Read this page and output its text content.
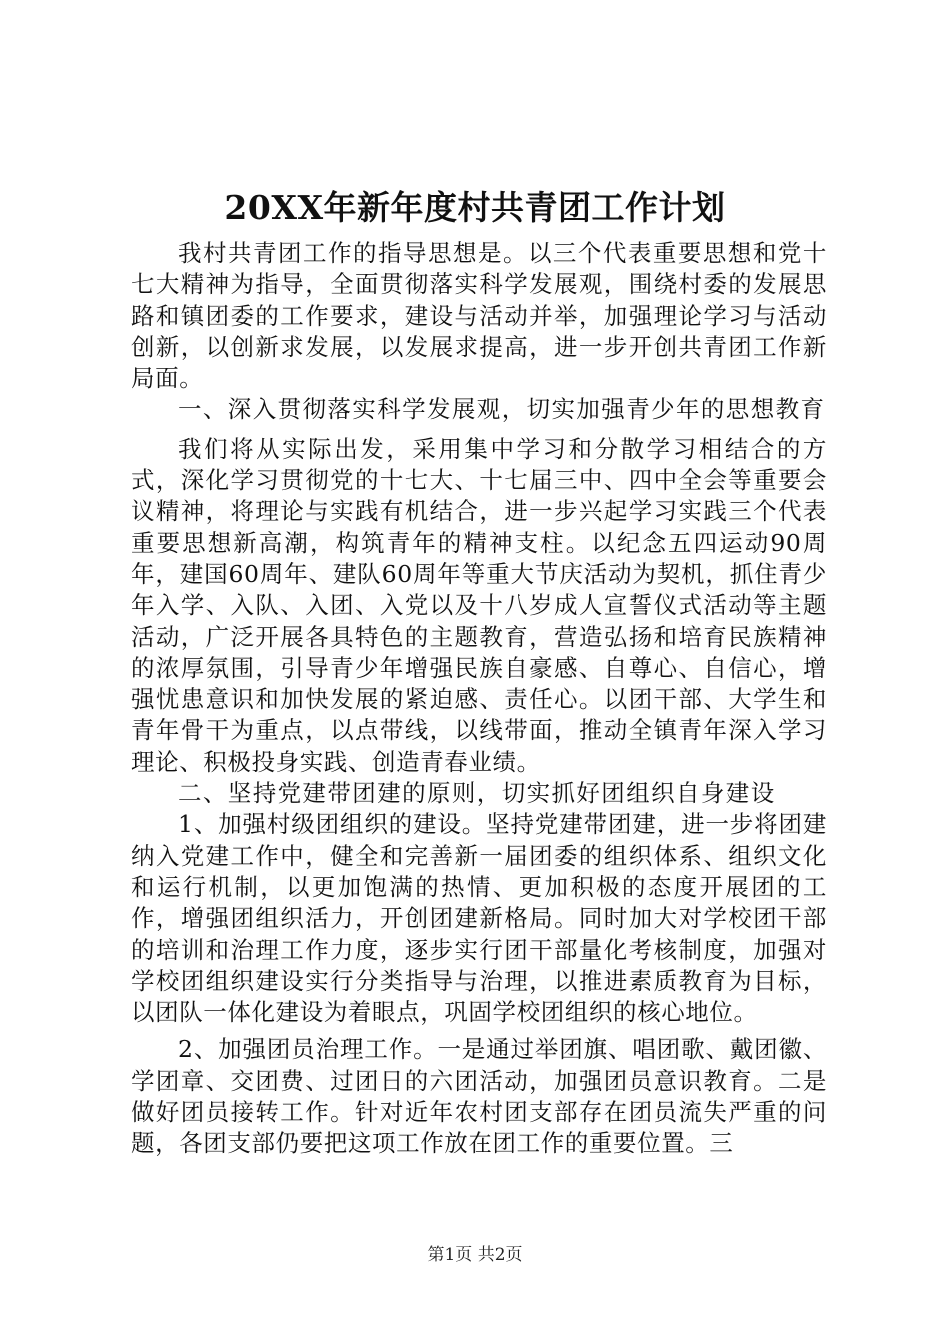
20XX年新年度村共青团工作计划

我村共青团工作的指导思想是。以三个代表重要思想和党十七大精神为指导，全面贯彻落实科学发展观，围绕村委的发展思路和镇团委的工作要求，建设与活动并举，加强理论学习与活动创新，以创新求发展，以发展求提高，进一步开创共青团工作新局面。

一、深入贯彻落实科学发展观，切实加强青少年的思想教育

我们将从实际出发，采用集中学习和分散学习相结合的方式，深化学习贯彻党的十七大、十七届三中、四中全会等重要会议精神，将理论与实践有机结合，进一步兴起学习实践三个代表重要思想新高潮，构筑青年的精神支柱。以纪念五四运动90周年，建国60周年、建队60周年等重大节庆活动为契机，抓住青少年入学、入队、入团、入党以及十八岁成人宣誓仪式活动等主题活动，广泛开展各具特色的主题教育，营造弘扬和培育民族精神的浓厚氛围，引导青少年增强民族自豪感、自尊心、自信心，增强忧患意识和加快发展的紧迫感、责任心。以团干部、大学生和青年骨干为重点，以点带线，以线带面，推动全镇青年深入学习理论、积极投身实践、创造青春业绩。

二、坚持党建带团建的原则，切实抓好团组织自身建设

1、加强村级团组织的建设。坚持党建带团建，进一步将团建纳入党建工作中，健全和完善新一届团委的组织体系、组织文化和运行机制，以更加饱满的热情、更加积极的态度开展团的工作，增强团组织活力，开创团建新格局。同时加大对学校团干部的培训和治理工作力度，逐步实行团干部量化考核制度，加强对学校团组织建设实行分类指导与治理，以推进素质教育为目标，以团队一体化建设为着眼点，巩固学校团组织的核心地位。

2、加强团员治理工作。一是通过举团旗、唱团歌、戴团徽、学团章、交团费、过团日的六团活动，加强团员意识教育。二是做好团员接转工作。针对近年农村团支部存在团员流失严重的问题，各团支部仍要把这项工作放在团工作的重要位置。三

第1页 共2页
